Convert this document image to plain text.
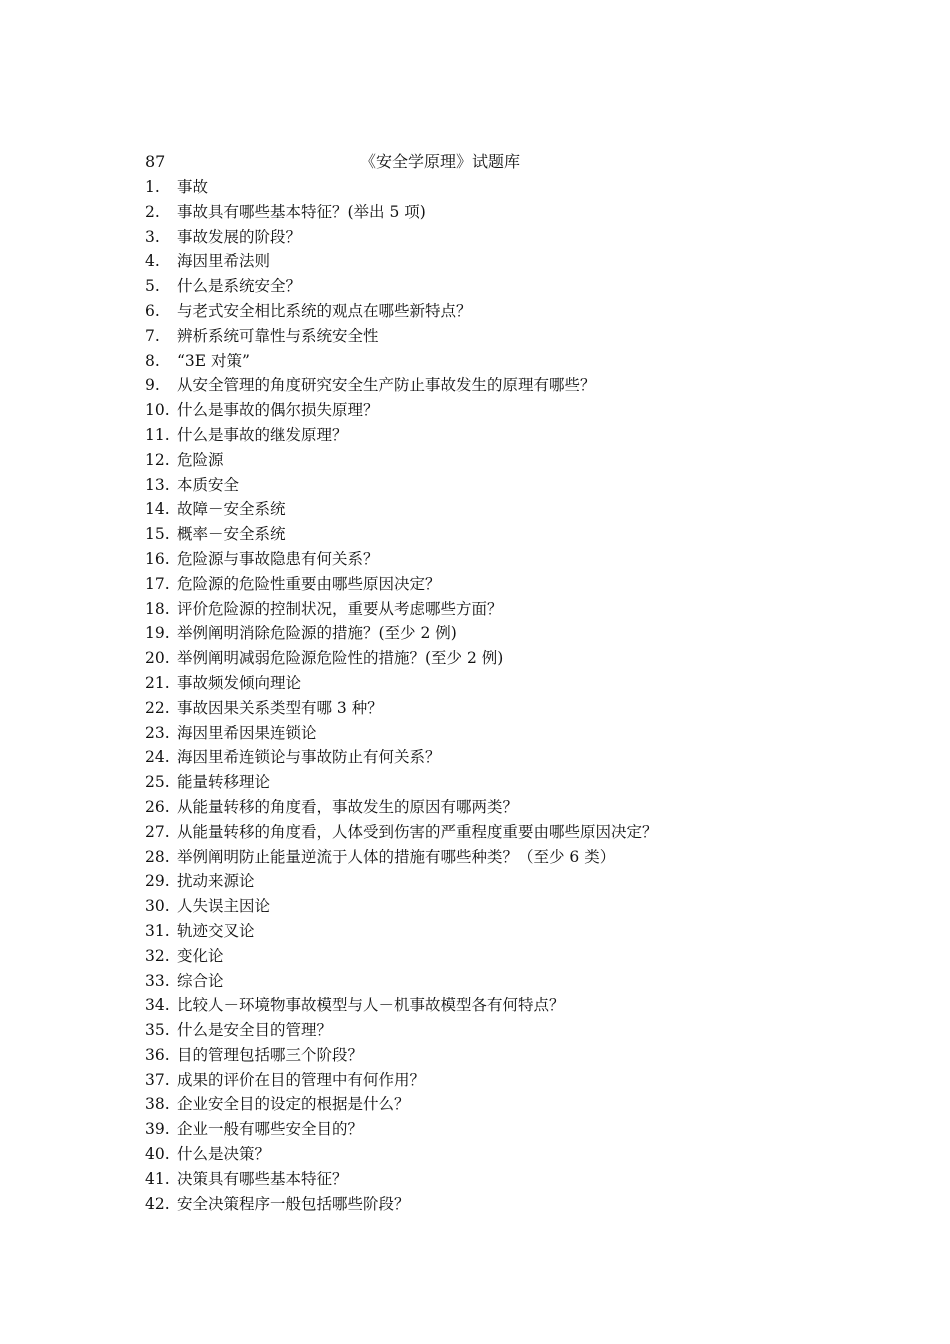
87	《安全学原理》试题库
1.	事故
2.	事故具有哪些基本特征？(举出 5 项)
3.	事故发展的阶段？
4.	海因里希法则
5.	什么是系统安全？
6.	与老式安全相比系统的观点在哪些新特点？
7.	辨析系统可靠性与系统安全性
8.	“3E 对策”
9.	从安全管理的角度研究安全生产防止事故发生的原理有哪些？
10. 什么是事故的偶尔损失原理？
11. 什么是事故的继发原理？
12. 危险源
13. 本质安全
14. 故障－安全系统
15. 概率－安全系统
16. 危险源与事故隐患有何关系？
17. 危险源的危险性重要由哪些原因决定？
18. 评价危险源的控制状况，重要从考虑哪些方面？
19. 举例阐明消除危险源的措施？(至少 2 例)
20. 举例阐明减弱危险源危险性的措施？(至少 2 例)
21. 事故频发倾向理论
22. 事故因果关系类型有哪 3 种？
23. 海因里希因果连锁论
24. 海因里希连锁论与事故防止有何关系？
25. 能量转移理论
26. 从能量转移的角度看，事故发生的原因有哪两类？
27. 从能量转移的角度看，人体受到伤害的严重程度重要由哪些原因决定？
28. 举例阐明防止能量逆流于人体的措施有哪些种类？（至少 6 类）
29. 扰动来源论
30. 人失误主因论
31. 轨迹交叉论
32. 变化论
33. 综合论
34. 比较人－环境物事故模型与人－机事故模型各有何特点？
35. 什么是安全目的管理？
36. 目的管理包括哪三个阶段？
37. 成果的评价在目的管理中有何作用？
38. 企业安全目的设定的根据是什么？
39. 企业一般有哪些安全目的？
40. 什么是决策？
41. 决策具有哪些基本特征？
42. 安全决策程序一般包括哪些阶段？
